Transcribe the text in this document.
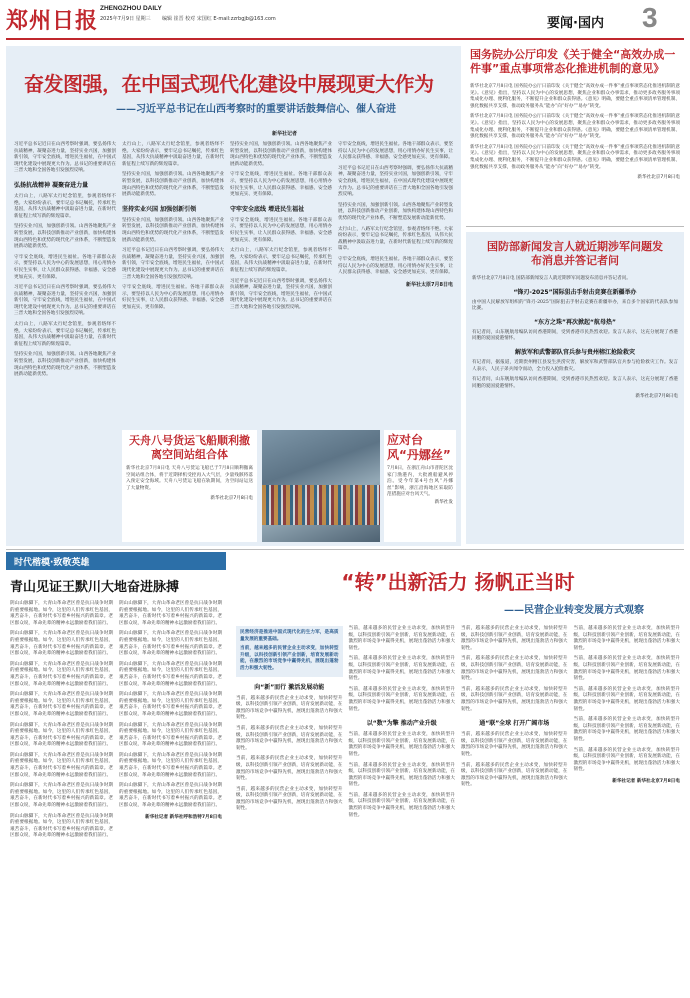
郑州日报 ZHENGZHOU DAILY
2025年7月9日 星期三 编辑 崔晋 校对 宋国红 E-mail:zzrbgjb@163.com	要闻·国内 3
奋发图强，在中国式现代化建设中展现更大作为
——习近平总书记在山西考察时的重要讲话鼓舞信心、催人奋进
新华社记者
习近平总书记近日在山西考察时强调，要弘扬伟大抗战精神，凝聚奋进力量，坚持实业兴国，加强创新引领，守牢安全底线，增进民生福祉，在中国式现代化建设中展现更大作为。总书记的重要讲话在三晋大地和全国各地引发强烈反响。
弘扬抗战精神 凝聚奋进力量
太行山上，八路军太行纪念馆里，参观者络绎不绝。大家纷纷表示，要牢记总书记嘱托，传承红色基因，从伟大抗战精神中汲取奋进力量，在新时代新征程上续写新的辉煌篇章。
坚持实业兴国，加强创新引领。山西各地聚焦产业转型发展，以科技创新推动产业创新，加快构建体现山西特色和优势的现代化产业体系，不断塑造发展新动能新优势。
守牢安全底线，增进民生福祉。各地干部群众表示，要坚持以人民为中心的发展思想，用心用情办好民生实事，让人民群众获得感、幸福感、安全感更加充实、更有保障。
习近平总书记近日在山西考察时强调，要弘扬伟大抗战精神，凝聚奋进力量，坚持实业兴国，加强创新引领，守牢安全底线，增进民生福祉，在中国式现代化建设中展现更大作为。总书记的重要讲话在三晋大地和全国各地引发强烈反响。
太行山上，八路军太行纪念馆里，参观者络绎不绝。大家纷纷表示，要牢记总书记嘱托，传承红色基因，从伟大抗战精神中汲取奋进力量，在新时代新征程上续写新的辉煌篇章。
坚持实业兴国，加强创新引领。山西各地聚焦产业转型发展，以科技创新推动产业创新，加快构建体现山西特色和优势的现代化产业体系，不断塑造发展新动能新优势。
太行山上，八路军太行纪念馆里，参观者络绎不绝。大家纷纷表示，要牢记总书记嘱托，传承红色基因，从伟大抗战精神中汲取奋进力量，在新时代新征程上续写新的辉煌篇章。
坚持实业兴国，加强创新引领。山西各地聚焦产业转型发展，以科技创新推动产业创新，加快构建体现山西特色和优势的现代化产业体系，不断塑造发展新动能新优势。
坚持实业兴国 加强创新引领
坚持实业兴国，加强创新引领。山西各地聚焦产业转型发展，以科技创新推动产业创新，加快构建体现山西特色和优势的现代化产业体系，不断塑造发展新动能新优势。
习近平总书记近日在山西考察时强调，要弘扬伟大抗战精神，凝聚奋进力量，坚持实业兴国，加强创新引领，守牢安全底线，增进民生福祉，在中国式现代化建设中展现更大作为。总书记的重要讲话在三晋大地和全国各地引发强烈反响。
守牢安全底线，增进民生福祉。各地干部群众表示，要坚持以人民为中心的发展思想，用心用情办好民生实事，让人民群众获得感、幸福感、安全感更加充实、更有保障。
坚持实业兴国，加强创新引领。山西各地聚焦产业转型发展，以科技创新推动产业创新，加快构建体现山西特色和优势的现代化产业体系，不断塑造发展新动能新优势。
守牢安全底线，增进民生福祉。各地干部群众表示，要坚持以人民为中心的发展思想，用心用情办好民生实事，让人民群众获得感、幸福感、安全感更加充实、更有保障。
守牢安全底线 增进民生福祉
守牢安全底线，增进民生福祉。各地干部群众表示，要坚持以人民为中心的发展思想，用心用情办好民生实事，让人民群众获得感、幸福感、安全感更加充实、更有保障。
太行山上，八路军太行纪念馆里，参观者络绎不绝。大家纷纷表示，要牢记总书记嘱托，传承红色基因，从伟大抗战精神中汲取奋进力量，在新时代新征程上续写新的辉煌篇章。
习近平总书记近日在山西考察时强调，要弘扬伟大抗战精神，凝聚奋进力量，坚持实业兴国，加强创新引领，守牢安全底线，增进民生福祉，在中国式现代化建设中展现更大作为。总书记的重要讲话在三晋大地和全国各地引发强烈反响。
守牢安全底线，增进民生福祉。各地干部群众表示，要坚持以人民为中心的发展思想，用心用情办好民生实事，让人民群众获得感、幸福感、安全感更加充实、更有保障。
习近平总书记近日在山西考察时强调，要弘扬伟大抗战精神，凝聚奋进力量，坚持实业兴国，加强创新引领，守牢安全底线，增进民生福祉，在中国式现代化建设中展现更大作为。总书记的重要讲话在三晋大地和全国各地引发强烈反响。
坚持实业兴国，加强创新引领。山西各地聚焦产业转型发展，以科技创新推动产业创新，加快构建体现山西特色和优势的现代化产业体系，不断塑造发展新动能新优势。
太行山上，八路军太行纪念馆里，参观者络绎不绝。大家纷纷表示，要牢记总书记嘱托，传承红色基因，从伟大抗战精神中汲取奋进力量，在新时代新征程上续写新的辉煌篇章。
守牢安全底线，增进民生福祉。各地干部群众表示，要坚持以人民为中心的发展思想，用心用情办好民生实事，让人民群众获得感、幸福感、安全感更加充实、更有保障。
新华社太原7月8日电
天舟八号货运飞船顺利撤离空间站组合体
新华社北京7月8日电 天舟八号货运飞船已于7月8日顺利撤离空间站组合体，将于近期择机受控再入大气层，少量残骸将落入预定安全海域。天舟八号货运飞船在轨期间，为空间站运送了大量物资。
新华社北京7月8日电
应对台风“丹娜丝”
7月8日，在浙江舟山市普陀区沈家门渔港内，大批渔船避风停泊。受今年第4号台风“丹娜丝”影响，浙江沿海地区采取防范措施应对台风天气。
新华社发
国务院办公厅印发《关于健全“高效办成一件事”重点事项常态化推进机制的意见》
新华社北京7月8日电 国务院办公厅日前印发《关于健全“高效办成一件事”重点事项常态化推进机制的意见》。《意见》指出，坚持以人民为中心的发展思想，聚焦企业和群众办事需求，推动更多政务服务事项集成化办理、便利化服务，不断提升企业和群众获得感。《意见》明确，要健全重点事项清单管理机制、强化数据共享支撑，推动政务服务从“能办”向“好办”“易办”转变。
新华社北京7月8日电 国务院办公厅日前印发《关于健全“高效办成一件事”重点事项常态化推进机制的意见》。《意见》指出，坚持以人民为中心的发展思想，聚焦企业和群众办事需求，推动更多政务服务事项集成化办理、便利化服务，不断提升企业和群众获得感。《意见》明确，要健全重点事项清单管理机制、强化数据共享支撑，推动政务服务从“能办”向“好办”“易办”转变。
新华社北京7月8日电 国务院办公厅日前印发《关于健全“高效办成一件事”重点事项常态化推进机制的意见》。《意见》指出，坚持以人民为中心的发展思想，聚焦企业和群众办事需求，推动更多政务服务事项集成化办理、便利化服务，不断提升企业和群众获得感。《意见》明确，要健全重点事项清单管理机制、强化数据共享支撑，推动政务服务从“能办”向“好办”“易办”转变。
新华社北京7月8日电
国防部新闻发言人就近期涉军问题发布消息并答记者问
新华社北京7月8日电 国防部新闻发言人就近期涉军问题发布消息并答记者问。
“锋刃-2025”国际狙击手射击竞赛在新疆举办
由中国人民解放军组织的“锋刃-2025”国际狙击手射击竞赛在新疆举办，来自多个国家的代表队参加比赛。
“东方之珠”再次掀起“航母热”
有记者问，山东舰航母编队访问香港期间，受到香港市民热烈欢迎。发言人表示，这充分展现了香港同胞的爱国爱港情怀。
解放军和武警部队官兵参与贵州榕江抢险救灾
有记者问，据报道，近期贵州榕江县发生洪涝灾害，解放军和武警部队官兵参与抢险救灾工作。发言人表示，人民子弟兵闻令而动，全力投入抢险救灾。
有记者问，山东舰航母编队访问香港期间，受到香港市民热烈欢迎。发言人表示，这充分展现了香港同胞的爱国爱港情怀。
新华社北京7月8日电
时代楷模·致敬英雄
青山见证王默川大地奋进脉搏
阴山山脉脚下，大青山革命老区曾是抗日战争时期的重要根据地。如今，这里的人们传承红色基因，艰苦奋斗，在新时代书写着乡村振兴的新篇章。老区群众说，革命先辈的精神永远激励着我们前行。
阴山山脉脚下，大青山革命老区曾是抗日战争时期的重要根据地。如今，这里的人们传承红色基因，艰苦奋斗，在新时代书写着乡村振兴的新篇章。老区群众说，革命先辈的精神永远激励着我们前行。
阴山山脉脚下，大青山革命老区曾是抗日战争时期的重要根据地。如今，这里的人们传承红色基因，艰苦奋斗，在新时代书写着乡村振兴的新篇章。老区群众说，革命先辈的精神永远激励着我们前行。
阴山山脉脚下，大青山革命老区曾是抗日战争时期的重要根据地。如今，这里的人们传承红色基因，艰苦奋斗，在新时代书写着乡村振兴的新篇章。老区群众说，革命先辈的精神永远激励着我们前行。
阴山山脉脚下，大青山革命老区曾是抗日战争时期的重要根据地。如今，这里的人们传承红色基因，艰苦奋斗，在新时代书写着乡村振兴的新篇章。老区群众说，革命先辈的精神永远激励着我们前行。
阴山山脉脚下，大青山革命老区曾是抗日战争时期的重要根据地。如今，这里的人们传承红色基因，艰苦奋斗，在新时代书写着乡村振兴的新篇章。老区群众说，革命先辈的精神永远激励着我们前行。
阴山山脉脚下，大青山革命老区曾是抗日战争时期的重要根据地。如今，这里的人们传承红色基因，艰苦奋斗，在新时代书写着乡村振兴的新篇章。老区群众说，革命先辈的精神永远激励着我们前行。
阴山山脉脚下，大青山革命老区曾是抗日战争时期的重要根据地。如今，这里的人们传承红色基因，艰苦奋斗，在新时代书写着乡村振兴的新篇章。老区群众说，革命先辈的精神永远激励着我们前行。
阴山山脉脚下，大青山革命老区曾是抗日战争时期的重要根据地。如今，这里的人们传承红色基因，艰苦奋斗，在新时代书写着乡村振兴的新篇章。老区群众说，革命先辈的精神永远激励着我们前行。
阴山山脉脚下，大青山革命老区曾是抗日战争时期的重要根据地。如今，这里的人们传承红色基因，艰苦奋斗，在新时代书写着乡村振兴的新篇章。老区群众说，革命先辈的精神永远激励着我们前行。
阴山山脉脚下，大青山革命老区曾是抗日战争时期的重要根据地。如今，这里的人们传承红色基因，艰苦奋斗，在新时代书写着乡村振兴的新篇章。老区群众说，革命先辈的精神永远激励着我们前行。
阴山山脉脚下，大青山革命老区曾是抗日战争时期的重要根据地。如今，这里的人们传承红色基因，艰苦奋斗，在新时代书写着乡村振兴的新篇章。老区群众说，革命先辈的精神永远激励着我们前行。
阴山山脉脚下，大青山革命老区曾是抗日战争时期的重要根据地。如今，这里的人们传承红色基因，艰苦奋斗，在新时代书写着乡村振兴的新篇章。老区群众说，革命先辈的精神永远激励着我们前行。
阴山山脉脚下，大青山革命老区曾是抗日战争时期的重要根据地。如今，这里的人们传承红色基因，艰苦奋斗，在新时代书写着乡村振兴的新篇章。老区群众说，革命先辈的精神永远激励着我们前行。
阴山山脉脚下，大青山革命老区曾是抗日战争时期的重要根据地。如今，这里的人们传承红色基因，艰苦奋斗，在新时代书写着乡村振兴的新篇章。老区群众说，革命先辈的精神永远激励着我们前行。
新华社记者 新华社呼和浩特7月8日电
“转”出新活力 扬帆正当时
——民营企业转变发展方式观察
民营经济是推进中国式现代化的生力军，是高质量发展的重要基础。
当前，越来越多的民营企业主动求变，加快转型升级，以科技创新引领产业创新，培育发展新动能，在激烈的市场竞争中赢得先机，展现出蓬勃活力和强大韧性。
向“新”而行 激活发展动能
当前，越来越多的民营企业主动求变，加快转型升级，以科技创新引领产业创新，培育发展新动能，在激烈的市场竞争中赢得先机，展现出蓬勃活力和强大韧性。
当前，越来越多的民营企业主动求变，加快转型升级，以科技创新引领产业创新，培育发展新动能，在激烈的市场竞争中赢得先机，展现出蓬勃活力和强大韧性。
当前，越来越多的民营企业主动求变，加快转型升级，以科技创新引领产业创新，培育发展新动能，在激烈的市场竞争中赢得先机，展现出蓬勃活力和强大韧性。
当前，越来越多的民营企业主动求变，加快转型升级，以科技创新引领产业创新，培育发展新动能，在激烈的市场竞争中赢得先机，展现出蓬勃活力和强大韧性。
当前，越来越多的民营企业主动求变，加快转型升级，以科技创新引领产业创新，培育发展新动能，在激烈的市场竞争中赢得先机，展现出蓬勃活力和强大韧性。
当前，越来越多的民营企业主动求变，加快转型升级，以科技创新引领产业创新，培育发展新动能，在激烈的市场竞争中赢得先机，展现出蓬勃活力和强大韧性。
当前，越来越多的民营企业主动求变，加快转型升级，以科技创新引领产业创新，培育发展新动能，在激烈的市场竞争中赢得先机，展现出蓬勃活力和强大韧性。
以“数”为擎 推动产业升级
当前，越来越多的民营企业主动求变，加快转型升级，以科技创新引领产业创新，培育发展新动能，在激烈的市场竞争中赢得先机，展现出蓬勃活力和强大韧性。
当前，越来越多的民营企业主动求变，加快转型升级，以科技创新引领产业创新，培育发展新动能，在激烈的市场竞争中赢得先机，展现出蓬勃活力和强大韧性。
当前，越来越多的民营企业主动求变，加快转型升级，以科技创新引领产业创新，培育发展新动能，在激烈的市场竞争中赢得先机，展现出蓬勃活力和强大韧性。
当前，越来越多的民营企业主动求变，加快转型升级，以科技创新引领产业创新，培育发展新动能，在激烈的市场竞争中赢得先机，展现出蓬勃活力和强大韧性。
当前，越来越多的民营企业主动求变，加快转型升级，以科技创新引领产业创新，培育发展新动能，在激烈的市场竞争中赢得先机，展现出蓬勃活力和强大韧性。
当前，越来越多的民营企业主动求变，加快转型升级，以科技创新引领产业创新，培育发展新动能，在激烈的市场竞争中赢得先机，展现出蓬勃活力和强大韧性。
通“联”全球 打开广阔市场
当前，越来越多的民营企业主动求变，加快转型升级，以科技创新引领产业创新，培育发展新动能，在激烈的市场竞争中赢得先机，展现出蓬勃活力和强大韧性。
当前，越来越多的民营企业主动求变，加快转型升级，以科技创新引领产业创新，培育发展新动能，在激烈的市场竞争中赢得先机，展现出蓬勃活力和强大韧性。
当前，越来越多的民营企业主动求变，加快转型升级，以科技创新引领产业创新，培育发展新动能，在激烈的市场竞争中赢得先机，展现出蓬勃活力和强大韧性。
当前，越来越多的民营企业主动求变，加快转型升级，以科技创新引领产业创新，培育发展新动能，在激烈的市场竞争中赢得先机，展现出蓬勃活力和强大韧性。
当前，越来越多的民营企业主动求变，加快转型升级，以科技创新引领产业创新，培育发展新动能，在激烈的市场竞争中赢得先机，展现出蓬勃活力和强大韧性。
当前，越来越多的民营企业主动求变，加快转型升级，以科技创新引领产业创新，培育发展新动能，在激烈的市场竞争中赢得先机，展现出蓬勃活力和强大韧性。
当前，越来越多的民营企业主动求变，加快转型升级，以科技创新引领产业创新，培育发展新动能，在激烈的市场竞争中赢得先机，展现出蓬勃活力和强大韧性。
新华社记者 新华社北京7月8日电
